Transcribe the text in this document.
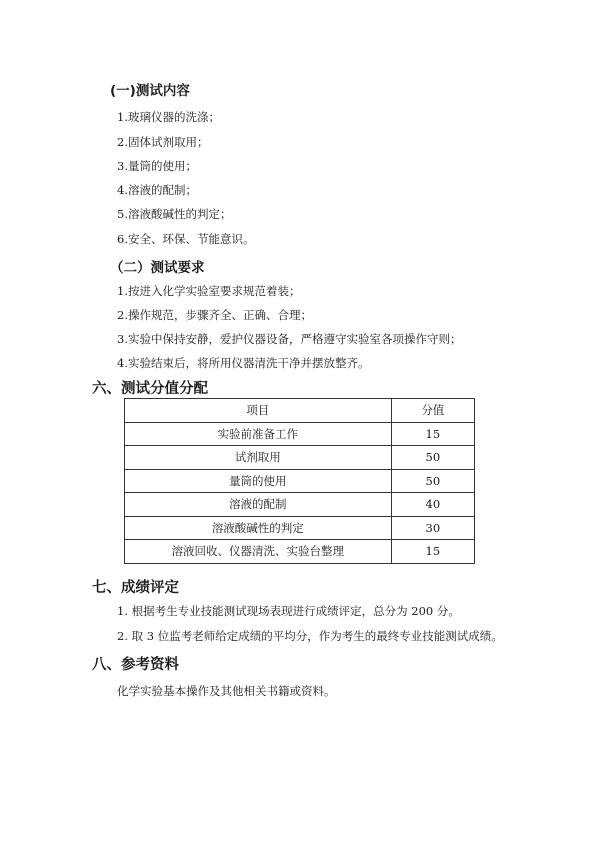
(一)测试内容
1.玻璃仪器的洗涤；
2.固体试剂取用；
3.量筒的使用；
4.溶液的配制；
5.溶液酸碱性的判定；
6.安全、环保、节能意识。
（二）测试要求
1.按进入化学实验室要求规范着装；
2.操作规范，步骤齐全、正确、合理；
3.实验中保持安静，爱护仪器设备，严格遵守实验室各项操作守则；
4.实验结束后，将所用仪器清洗干净并摆放整齐。
六、测试分值分配
项目	分值
实验前准备工作	15
试剂取用	50
量筒的使用	50
溶液的配制	40
溶液酸碱性的判定	30
溶液回收、仪器清洗、实验台整理	15
七、成绩评定
1. 根据考生专业技能测试现场表现进行成绩评定，总分为 200 分。
2. 取 3 位监考老师给定成绩的平均分，作为考生的最终专业技能测试成绩。
八、参考资料
化学实验基本操作及其他相关书籍或资料。
